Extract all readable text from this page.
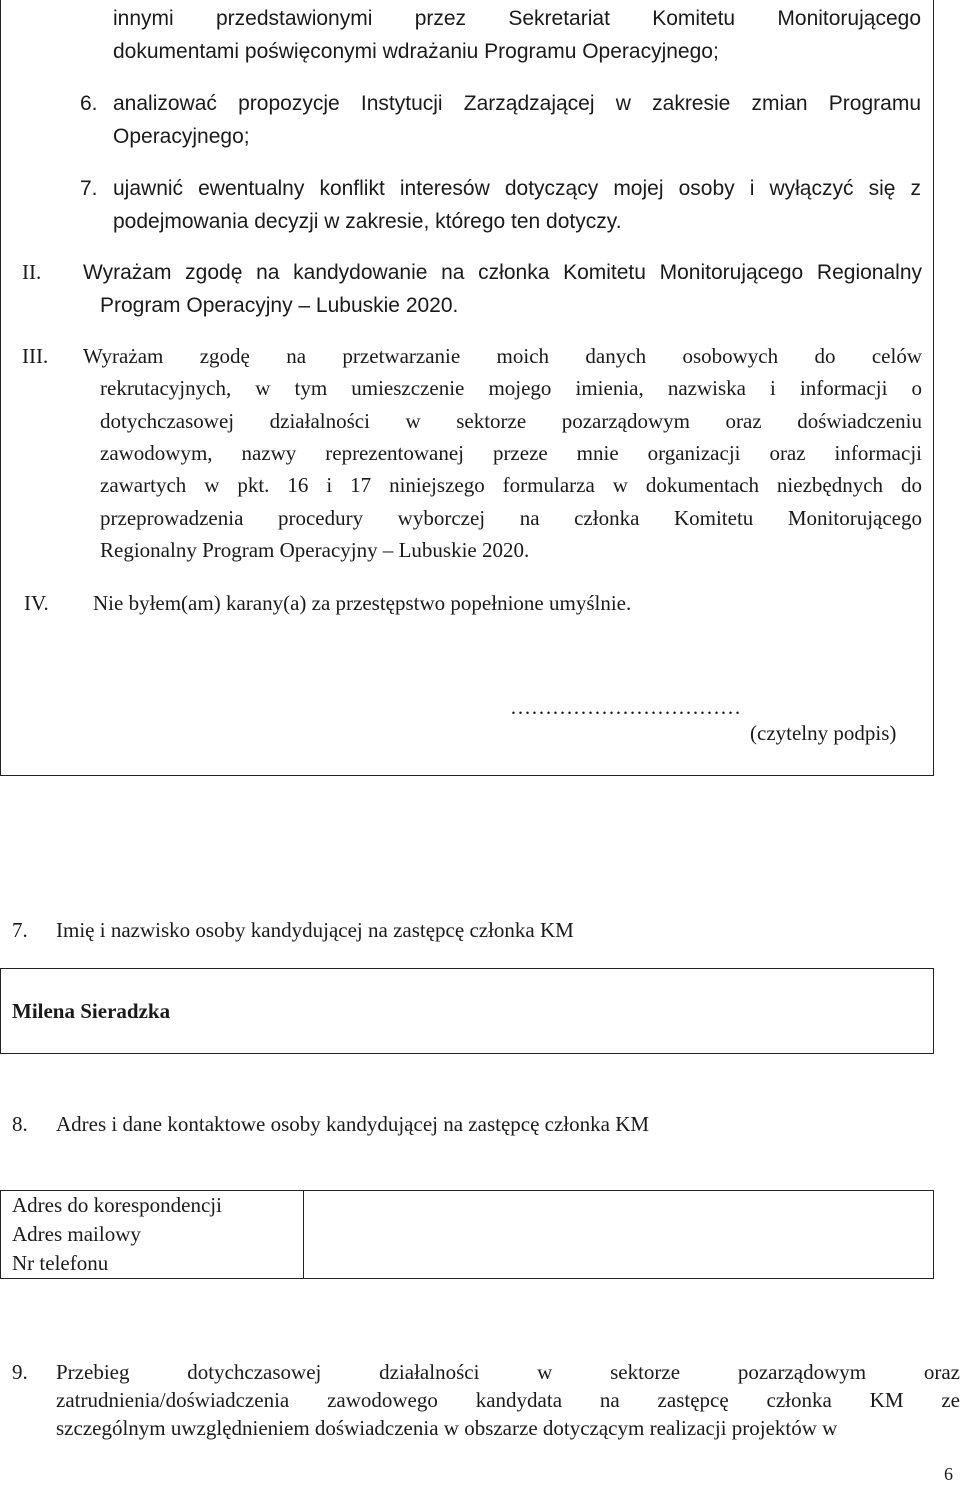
innymi przedstawionymi przez Sekretariat Komitetu Monitorującego
dokumentami poświęconymi wdrażaniu Programu Operacyjnego;
6. analizować propozycje Instytucji Zarządzającej w zakresie zmian Programu
Operacyjnego;
7. ujawnić ewentualny konflikt interesów dotyczący mojej osoby i wyłączyć się z
podejmowania decyzji w zakresie, którego ten dotyczy.
II. Wyrażam zgodę na kandydowanie na członka Komitetu Monitorującego Regionalny
Program Operacyjny – Lubuskie 2020.
III. Wyrażam zgodę na przetwarzanie moich danych osobowych do celów
rekrutacyjnych, w tym umieszczenie mojego imienia, nazwiska i informacji o
dotychczasowej działalności w sektorze pozarządowym oraz doświadczeniu
zawodowym, nazwy reprezentowanej przeze mnie organizacji oraz informacji
zawartych w pkt. 16 i 17 niniejszego formularza w dokumentach niezbędnych do
przeprowadzenia procedury wyborczej na członka Komitetu Monitorującego
Regionalny Program Operacyjny – Lubuskie 2020.
IV. Nie byłem(am) karany(a) za przestępstwo popełnione umyślnie.
……………………………
(czytelny podpis)
7. Imię i nazwisko osoby kandydującej na zastępcę członka KM
Milena Sieradzka
8. Adres i dane kontaktowe osoby kandydującej na zastępcę członka KM
Adres do korespondencji
Adres mailowy
Nr telefonu

9. Przebieg dotychczasowej działalności w sektorze pozarządowym oraz
zatrudnienia/doświadczenia zawodowego kandydata na zastępcę członka KM ze
szczególnym uwzględnieniem doświadczenia w obszarze dotyczącym realizacji projektów w
6
